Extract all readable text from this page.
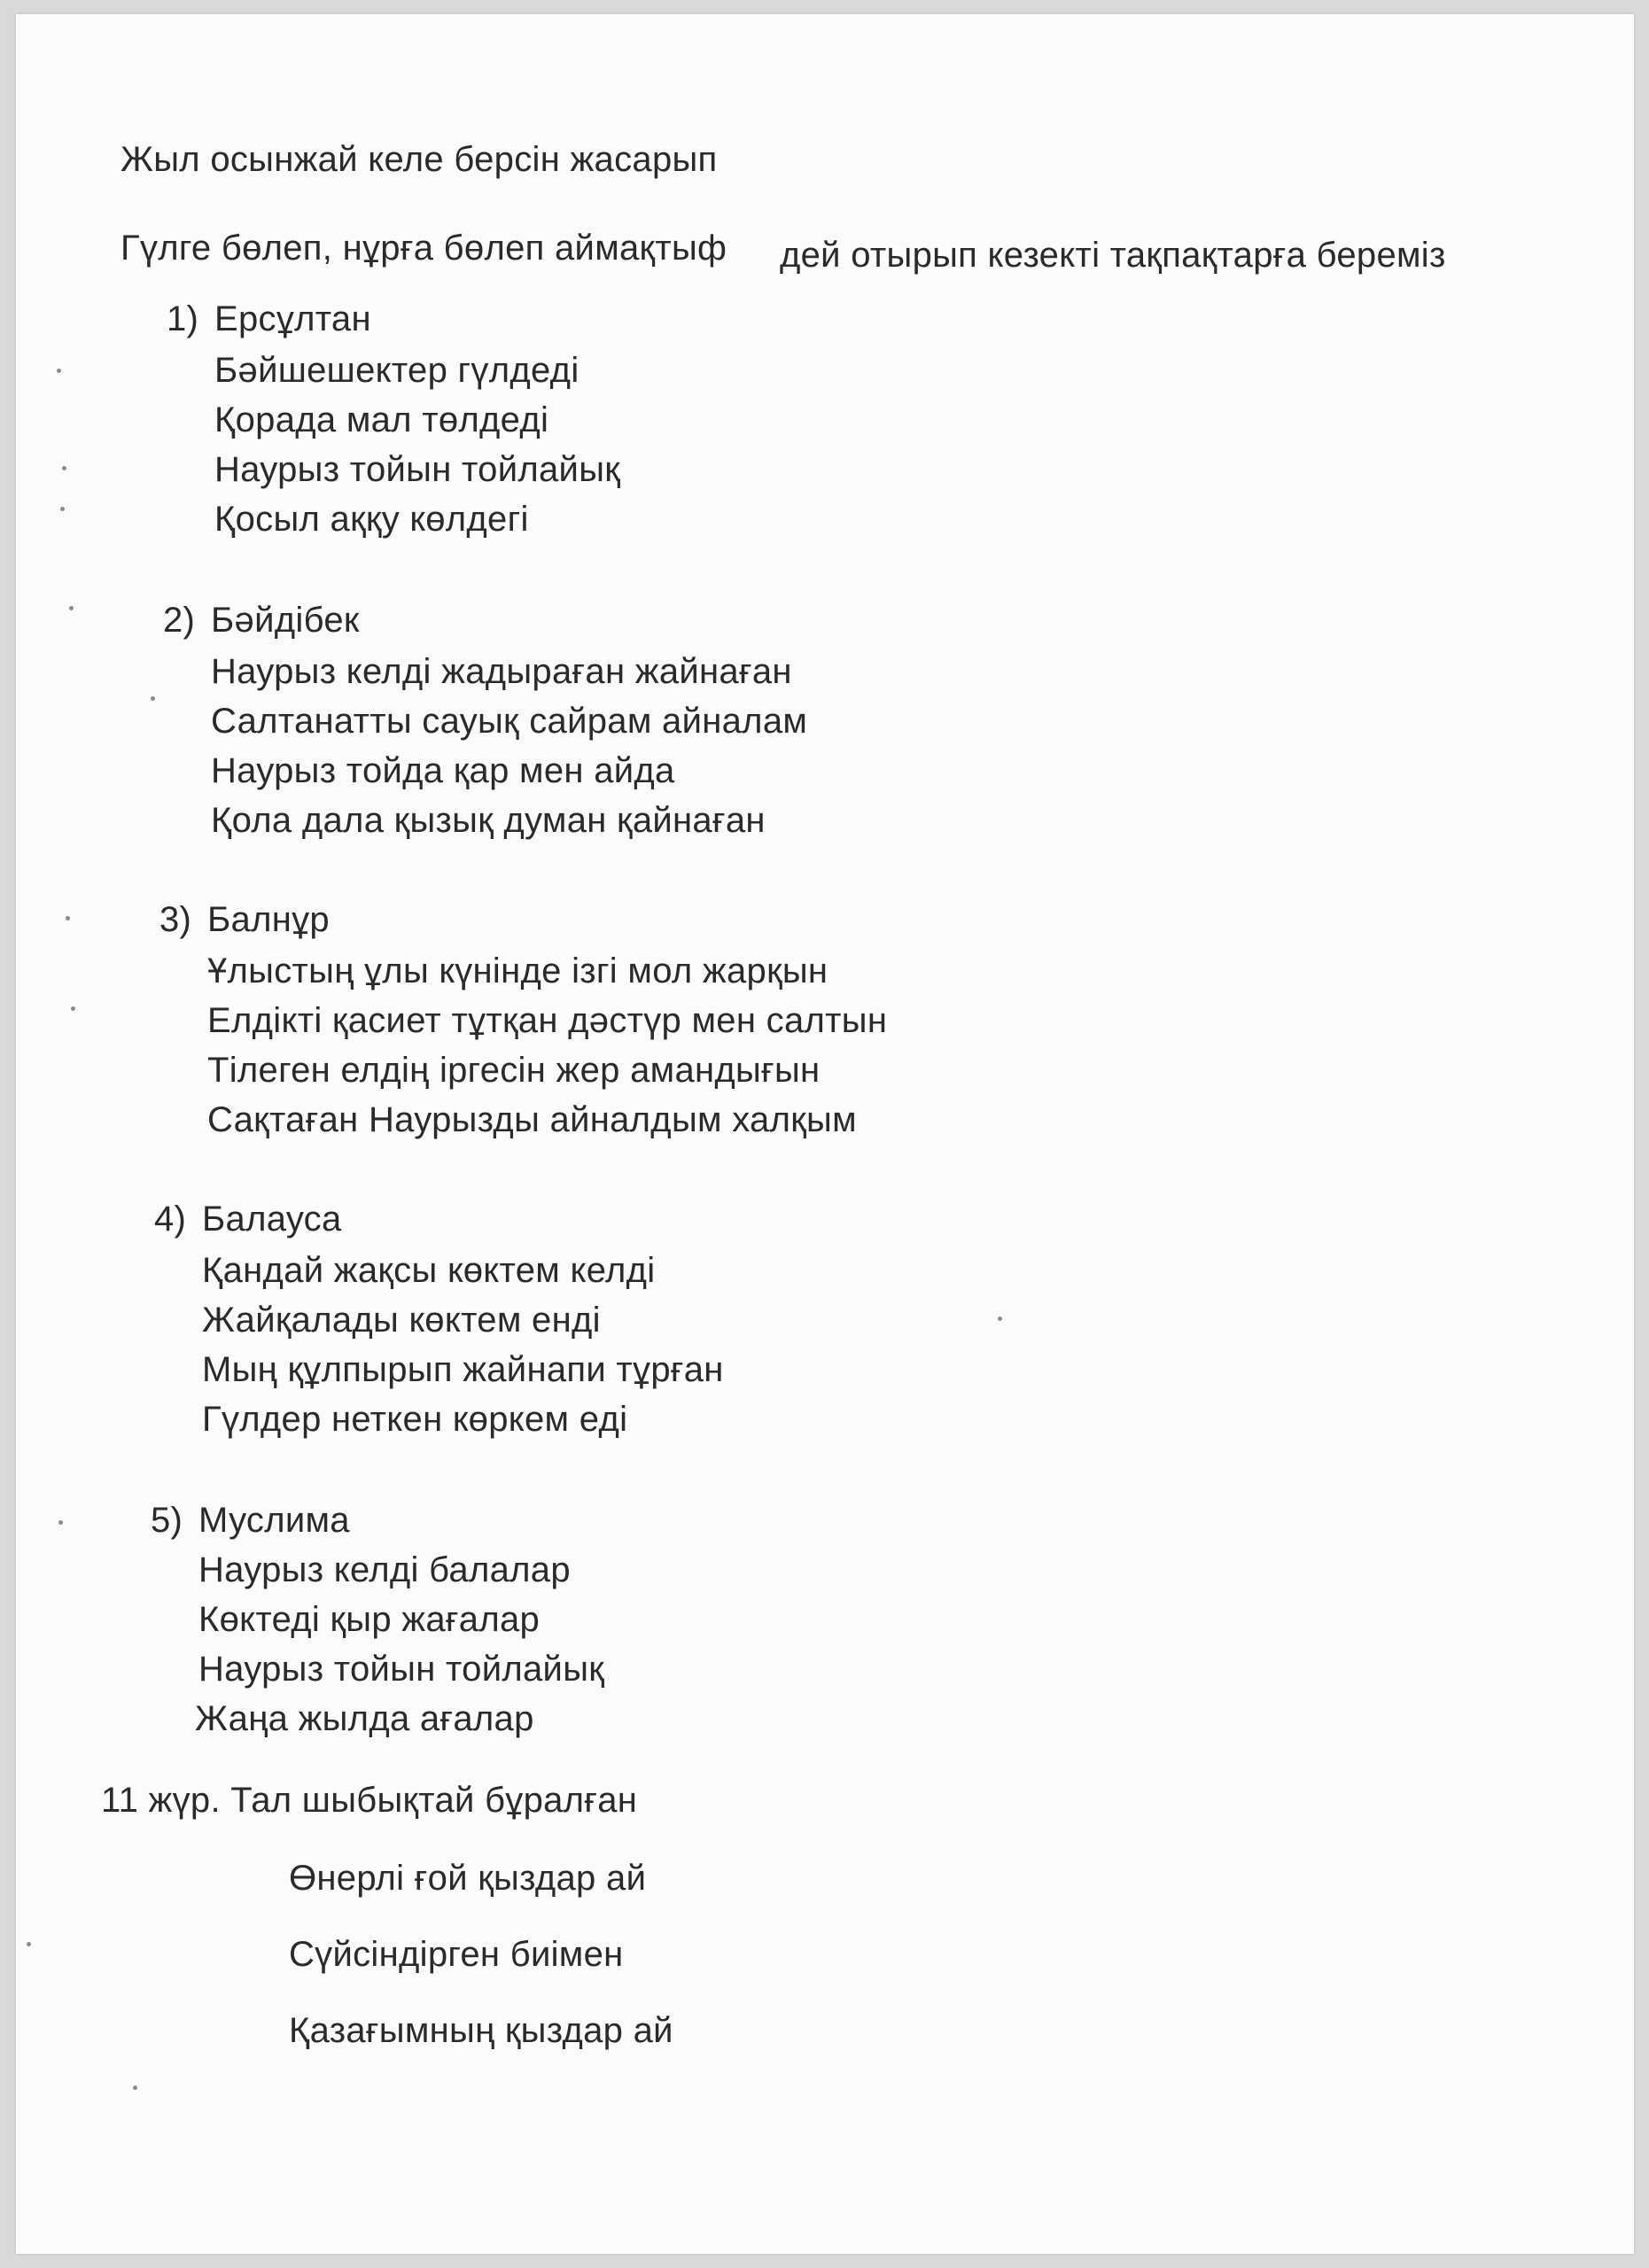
Жыл осынжай келе берсін жасарып
Гүлге бөлеп, нұрға бөлеп аймақтыф дей отырып кезекті тақпақтарға береміз
1) Ерсұлтан
Бәйшешектер гүлдеді
Қорада мал төлдеді
Наурыз тойын тойлайық
Қосыл аққу көлдегі
2) Бәйдібек
Наурыз келді жадыраған жайнаған
Салтанатты сауық сайрам айналам
Наурыз тойда қар мен айда
Қола дала қызық думан қайнаған
3) Балнұр
Ұлыстың ұлы күнінде ізгі мол жарқын
Елдікті қасиет тұтқан дәстүр мен салтын
Тілеген елдің іргесін жер амандығын
Сақтаған Наурызды айналдым халқым
4) Балауса
Қандай жақсы көктем келді
Жайқалады көктем енді
Мың құлпырып жайнапи тұрған
Гүлдер неткен көркем еді
5) Муслима
Наурыз келді балалар
Көктеді қыр жағалар
Наурыз тойын тойлайық
Жаңа жылда ағалар
11 жүр. Тал шыбықтай бұралған
Өнерлі ғой қыздар ай
Сүйсіндірген биімен
Қазағымның қыздар ай
